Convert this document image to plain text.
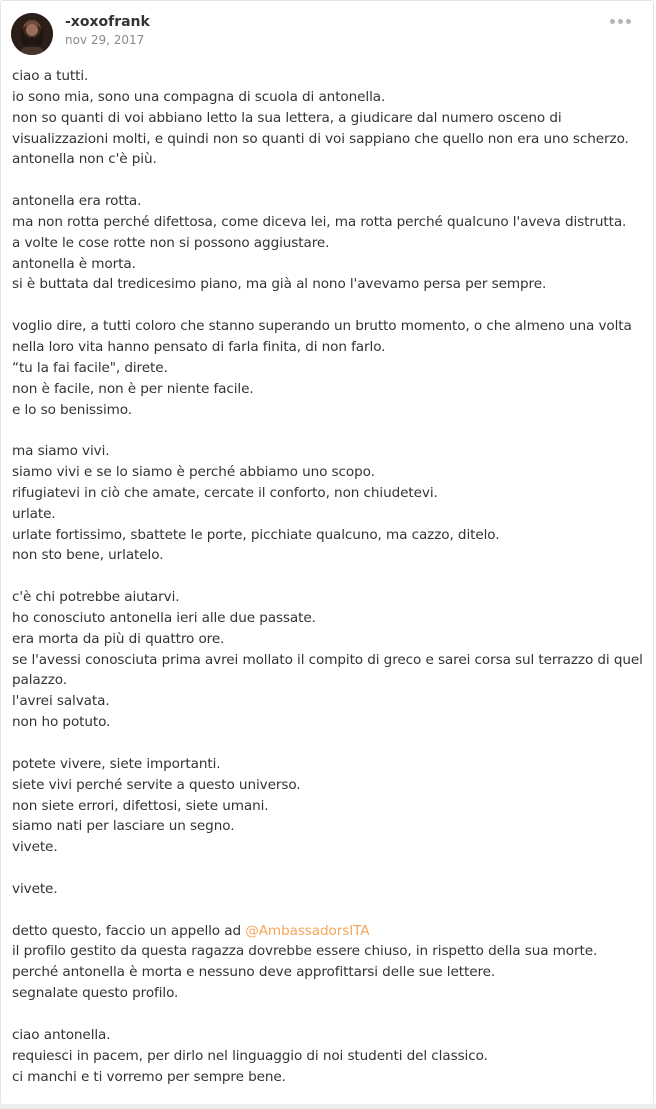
-xoxofrank
nov 29, 2017

ciao a tutti.

io sono mia, sono una compagna di scuola di antonella.

non so quanti di voi abbiano letto la sua lettera, a giudicare dal numero osceno di

visualizzazioni molti, e quindi non so quanti di voi sappiano che quello non era uno scherzo.

antonella non c'è più.

antonella era rotta.

ma non rotta perché difettosa, come diceva lei, ma rotta perché qualcuno l'aveva distrutta.

a volte le cose rotte non si possono aggiustare.

antonella è morta.

si è buttata dal tredicesimo piano, ma già al nono l'avevamo persa per sempre.

voglio dire, a tutti coloro che stanno superando un brutto momento, o che almeno una volta

nella loro vita hanno pensato di farla finita, di non farlo.

“tu la fai facile", direte.

non è facile, non è per niente facile.

e lo so benissimo.

ma siamo vivi.

siamo vivi e se lo siamo è perché abbiamo uno scopo.

rifugiatevi in ciò che amate, cercate il conforto, non chiudetevi.

urlate.

urlate fortissimo, sbattete le porte, picchiate qualcuno, ma cazzo, ditelo.

non sto bene, urlatelo.

c'è chi potrebbe aiutarvi.

ho conosciuto antonella ieri alle due passate.

era morta da più di quattro ore.

se l'avessi conosciuta prima avrei mollato il compito di greco e sarei corsa sul terrazzo di quel

palazzo.

l'avrei salvata.

non ho potuto.

potete vivere, siete importanti.

siete vivi perché servite a questo universo.

non siete errori, difettosi, siete umani.

siamo nati per lasciare un segno.

vivete.

vivete.

detto questo, faccio un appello ad @AmbassadorsITA

il profilo gestito da questa ragazza dovrebbe essere chiuso, in rispetto della sua morte.

perché antonella è morta e nessuno deve approfittarsi delle sue lettere.

segnalate questo profilo.

ciao antonella.

requiesci in pacem, per dirlo nel linguaggio di noi studenti del classico.

ci manchi e ti vorremo per sempre bene.
